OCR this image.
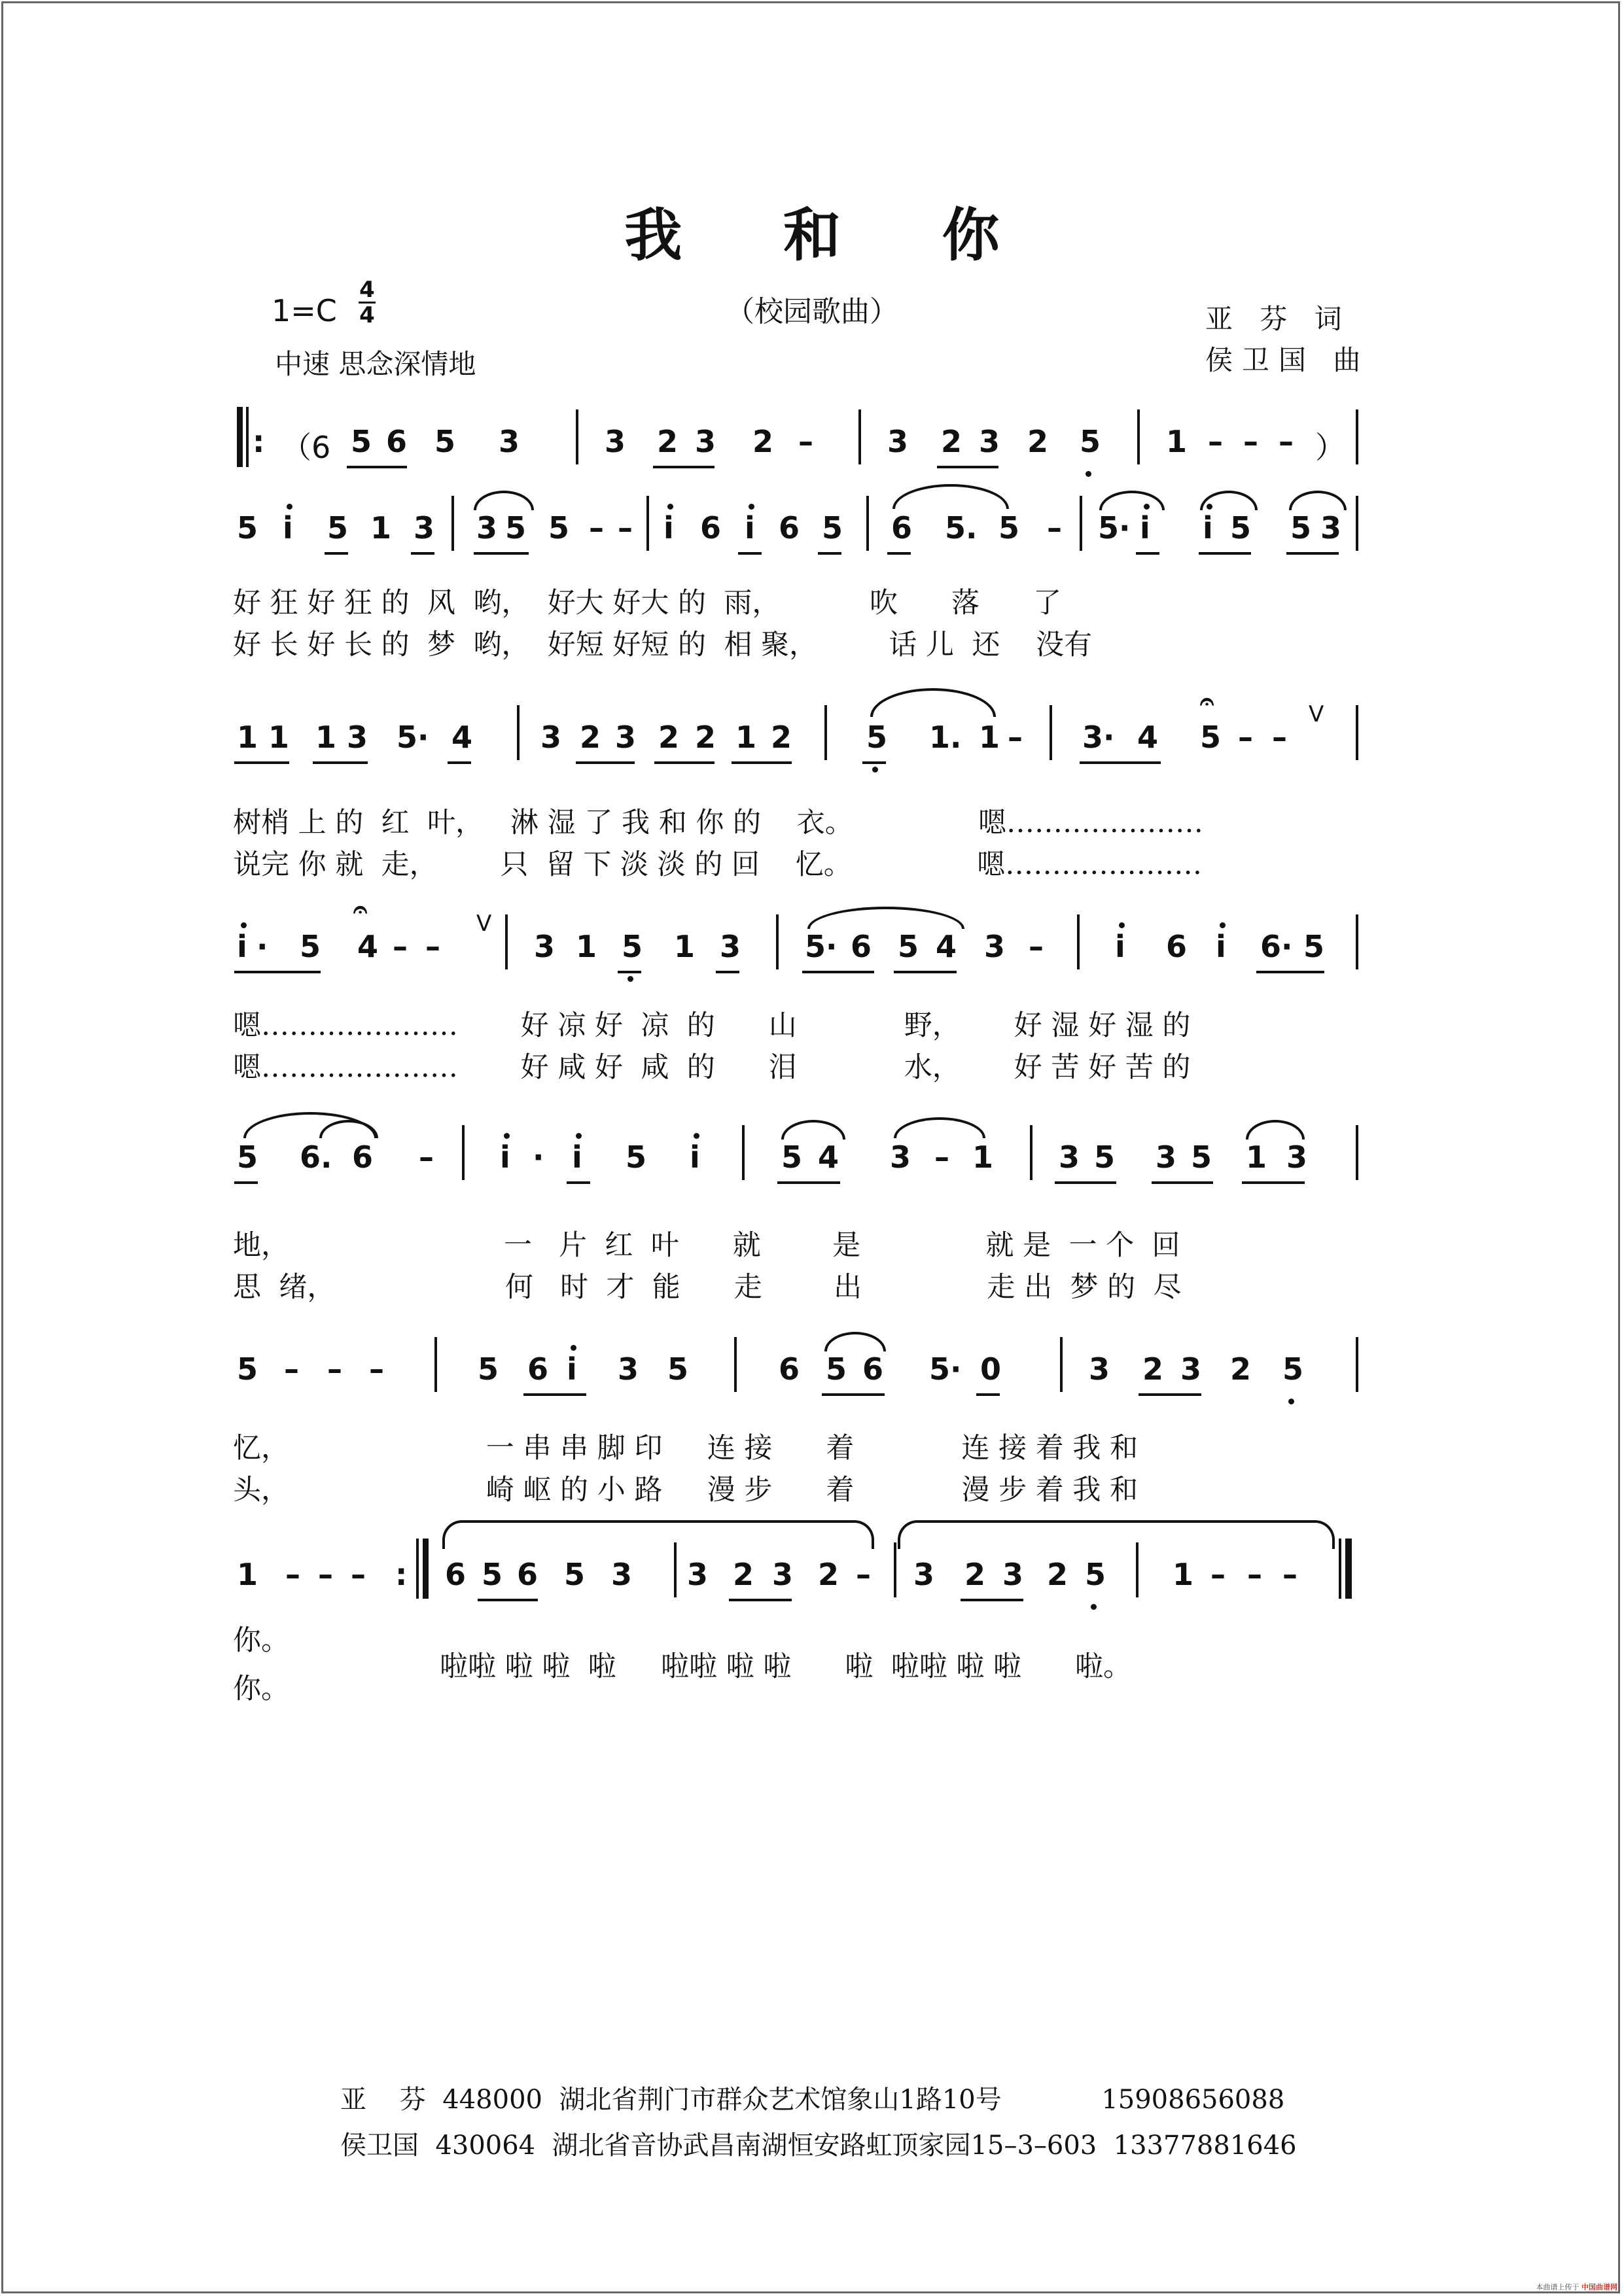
我 和 你
（校园歌曲）
1=C
4
4
中速 思念深情地
亚 芬 词
侯卫国 曲
: （6 5 6 5 3	3 2 3 2 – 3 2 3 2 5 1 – – – ）
5 i 5 1 3 3 5 5 – – i 6 i 6 5 6 5. 5 – 5· i i 5 5 3
好 狂 好 狂 的  风  哟，  好大 好大 的  雨，          吹      落      了
好 长 好 长 的  梦  哟，  好短 好短 的  相 聚，        话 儿  还    没有
1 1 1 3 5· 4 3 2 3 2 2 1 2 5 1. 1 – 3· 4 5
𝄐
– –
V
树梢 上 的  红  叶，   淋 湿 了 我 和 你 的    衣。              嗯…………………
说完 你 就  走，       只  留 下 淡 淡 的 回    忆。              嗯…………………
i · 5 4
𝄐
– –
V
3 1 5 1 3 5· 6 5 4 3 – i 6 i 6· 5
嗯…………………       好 凉 好  凉  的      山            野，      好 湿 好 湿 的
嗯…………………       好 咸 好  咸  的      泪            水，      好 苦 好 苦 的
5 6. 6 – i · i 5 i	5 4 3 – 1 3 5 3 5 1 3
地，                        一   片  红  叶      就        是              就 是  一 个  回
思  绪，                   何   时  才  能      走        出              走 出  梦 的  尽
5 – – –	5 6 i 3 5	6 5 6 5· 0	3 2 3 2 5
忆，                      一 串 串 脚 印     连 接      着            连 接 着 我 和
头，                      崎 岖 的 小 路     漫 步      着            漫 步 着 我 和
1 – – – : 6 5 6 5 3 3 2 3 2 – 3 2 3 2 5 1 – – –
你。
你。
啦啦 啦 啦  啦     啦啦 啦 啦      啦  啦啦 啦 啦      啦。
亚    芬  448000  湖北省荆门市群众艺术馆象山1路10号            15908656088
侯卫国  430064  湖北省音协武昌南湖恒安路虹顶家园15–3–603  13377881646
本曲谱上传于 中国曲谱网
